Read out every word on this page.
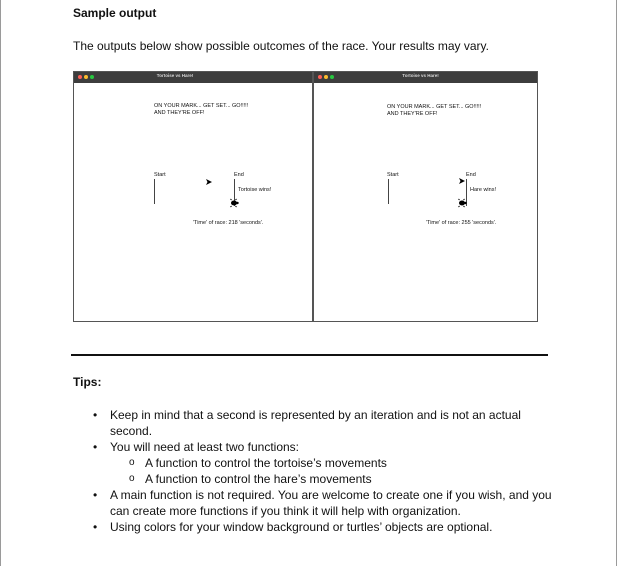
Sample output
The outputs below show possible outcomes of the race. Your results may vary.
Tortoise vs Hare!
ON YOUR MARK... GET SET... GO!!!!!
AND THEY'RE OFF!
Start	End
Tortoise wins!
'Time' of race: 218 'seconds'.
Tortoise vs Hare!
ON YOUR MARK... GET SET... GO!!!!!
AND THEY'RE OFF!
Start	End
Hare wins!
'Time' of race: 255 'seconds'.
Tips:
• Keep in mind that a second is represented by an iteration and is not an actual second.
• You will need at least two functions:
o A function to control the tortoise’s movements
o A function to control the hare’s movements
• A main function is not required. You are welcome to create one if you wish, and you can create more functions if you think it will help with organization.
• Using colors for your window background or turtles’ objects are optional.
